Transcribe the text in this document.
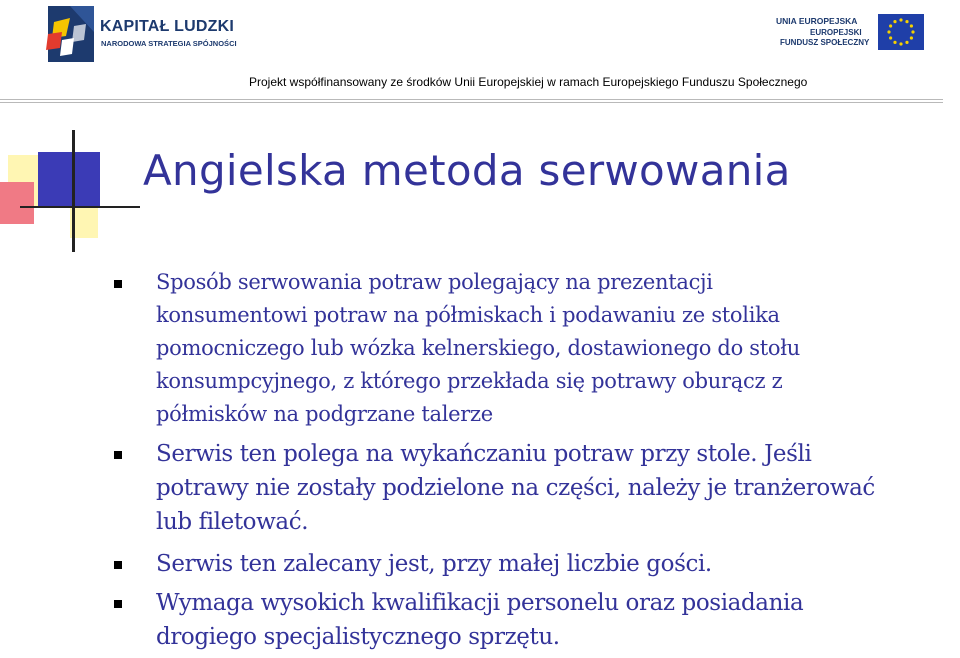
KAPITAŁ LUDZKI
NARODOWA STRATEGIA SPÓJNOŚCI
UNIA EUROPEJSKA
EUROPEJSKI
FUNDUSZ SPOŁECZNY
Projekt współfinansowany ze środków Unii Europejskiej w ramach Europejskiego Funduszu Społecznego
Angielska metoda serwowania
Sposób serwowania potraw polegający na prezentacji
konsumentowi potraw na półmiskach i podawaniu ze stolika
pomocniczego lub wózka kelnerskiego, dostawionego do stołu
konsumpcyjnego, z którego przekłada się potrawy oburącz z
półmisków na podgrzane talerze
Serwis ten polega na wykańczaniu potraw przy stole. Jeśli
potrawy nie zostały podzielone na części, należy je tranżerować
lub filetować.
Serwis ten zalecany jest, przy małej liczbie gości.
Wymaga wysokich kwalifikacji personelu oraz posiadania
drogiego specjalistycznego sprzętu.
